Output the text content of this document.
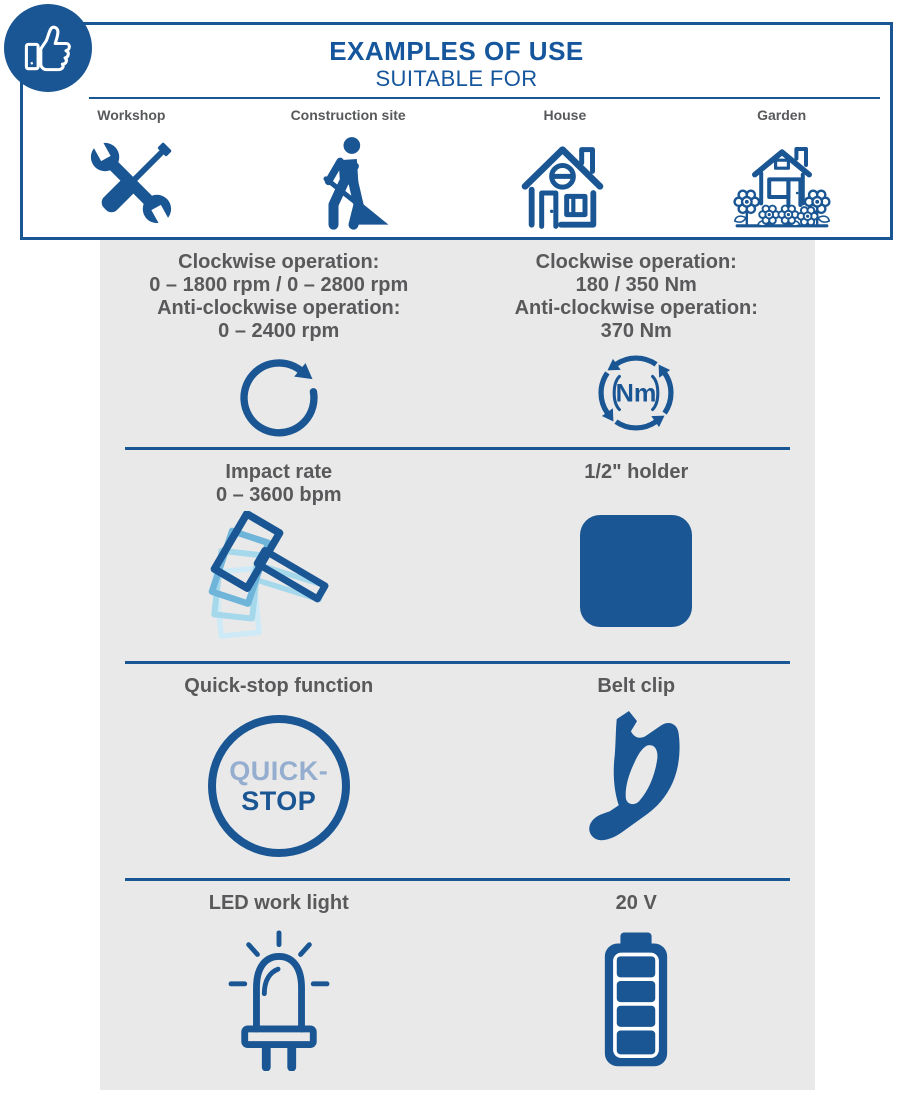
EXAMPLES OF USE
SUITABLE FOR
Workshop	Construction site	House	Garden
Clockwise operation:
0 – 1800 rpm / 0 – 2800 rpm
Anti-clockwise operation:
0 – 2400 rpm
Clockwise operation:
180 / 350 Nm
Anti-clockwise operation:
370 Nm
Nm
Impact rate
0 – 3600 bpm
1/2" holder
Quick-stop function
QUICK-
STOP
Belt clip
LED work light	20 V
